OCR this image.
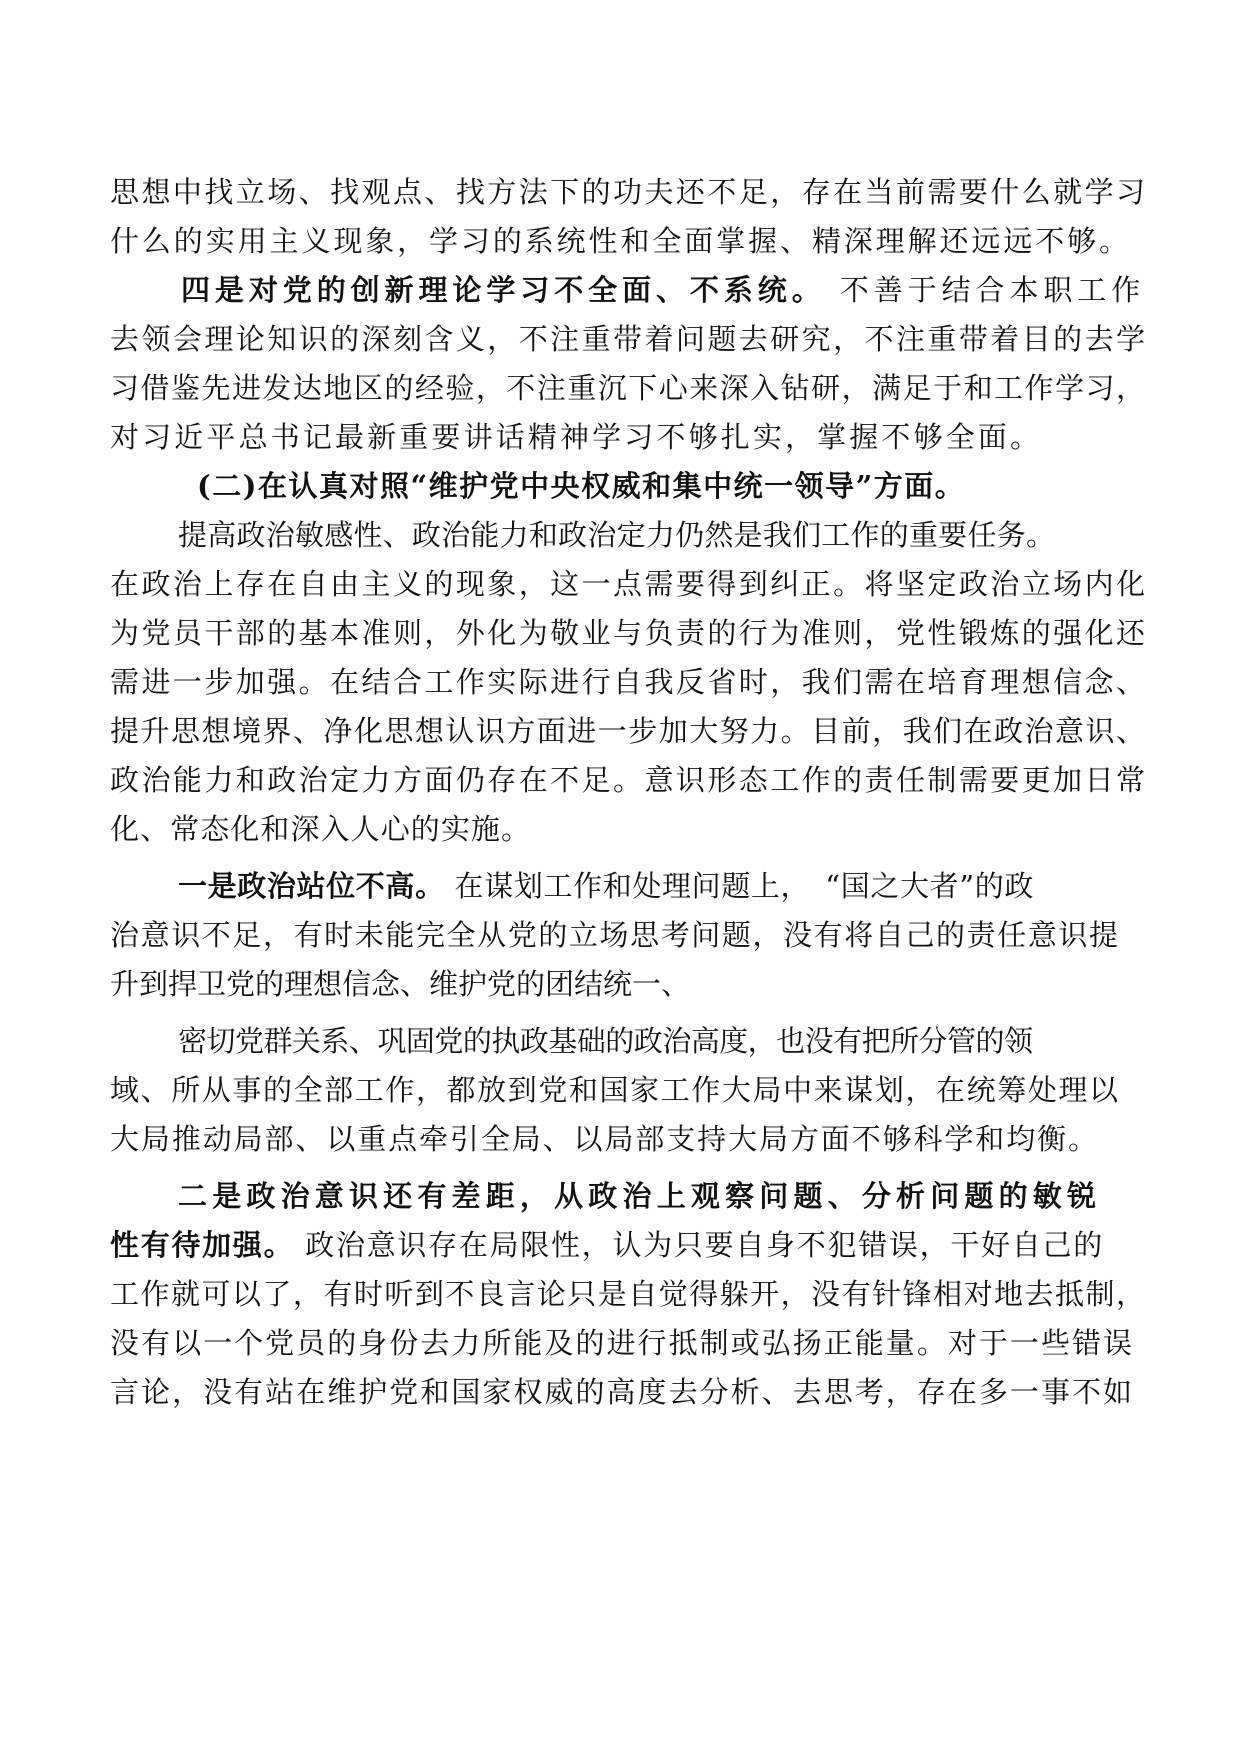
思想中找立场、找观点、找方法下的功夫还不足，存在当前需要什么就学习
什么的实用主义现象，学习的系统性和全面掌握、精深理解还远远不够。
四是对党的创新理论学习不全面、不系统。 不善于结合本职工作
去领会理论知识的深刻含义，不注重带着问题去研究，不注重带着目的去学
习借鉴先进发达地区的经验，不注重沉下心来深入钻研，满足于和工作学习，
对习近平总书记最新重要讲话精神学习不够扎实，掌握不够全面。
(二)在认真对照“维护党中央权威和集中统一领导”方面。
提高政治敏感性、政治能力和政治定力仍然是我们工作的重要任务。
在政治上存在自由主义的现象，这一点需要得到纠正。将坚定政治立场内化
为党员干部的基本准则，外化为敬业与负责的行为准则，党性锻炼的强化还
需进一步加强。在结合工作实际进行自我反省时，我们需在培育理想信念、
提升思想境界、净化思想认识方面进一步加大努力。目前，我们在政治意识、
政治能力和政治定力方面仍存在不足。意识形态工作的责任制需要更加日常
化、常态化和深入人心的实施。
一是政治站位不高。 在谋划工作和处理问题上，　“国之大者”的政
治意识不足，有时未能完全从党的立场思考问题，没有将自己的责任意识提
升到捍卫党的理想信念、维护党的团结统一、
密切党群关系、巩固党的执政基础的政治高度，也没有把所分管的领
域、所从事的全部工作，都放到党和国家工作大局中来谋划，在统筹处理以
大局推动局部、以重点牵引全局、以局部支持大局方面不够科学和均衡。
二是政治意识还有差距，从政治上观察问题、分析问题的敏锐
性有待加强。 政治意识存在局限性，认为只要自身不犯错误，干好自己的
工作就可以了，有时听到不良言论只是自觉得躲开，没有针锋相对地去抵制，
没有以一个党员的身份去力所能及的进行抵制或弘扬正能量。对于一些错误
言论，没有站在维护党和国家权威的高度去分析、去思考，存在多一事不如
